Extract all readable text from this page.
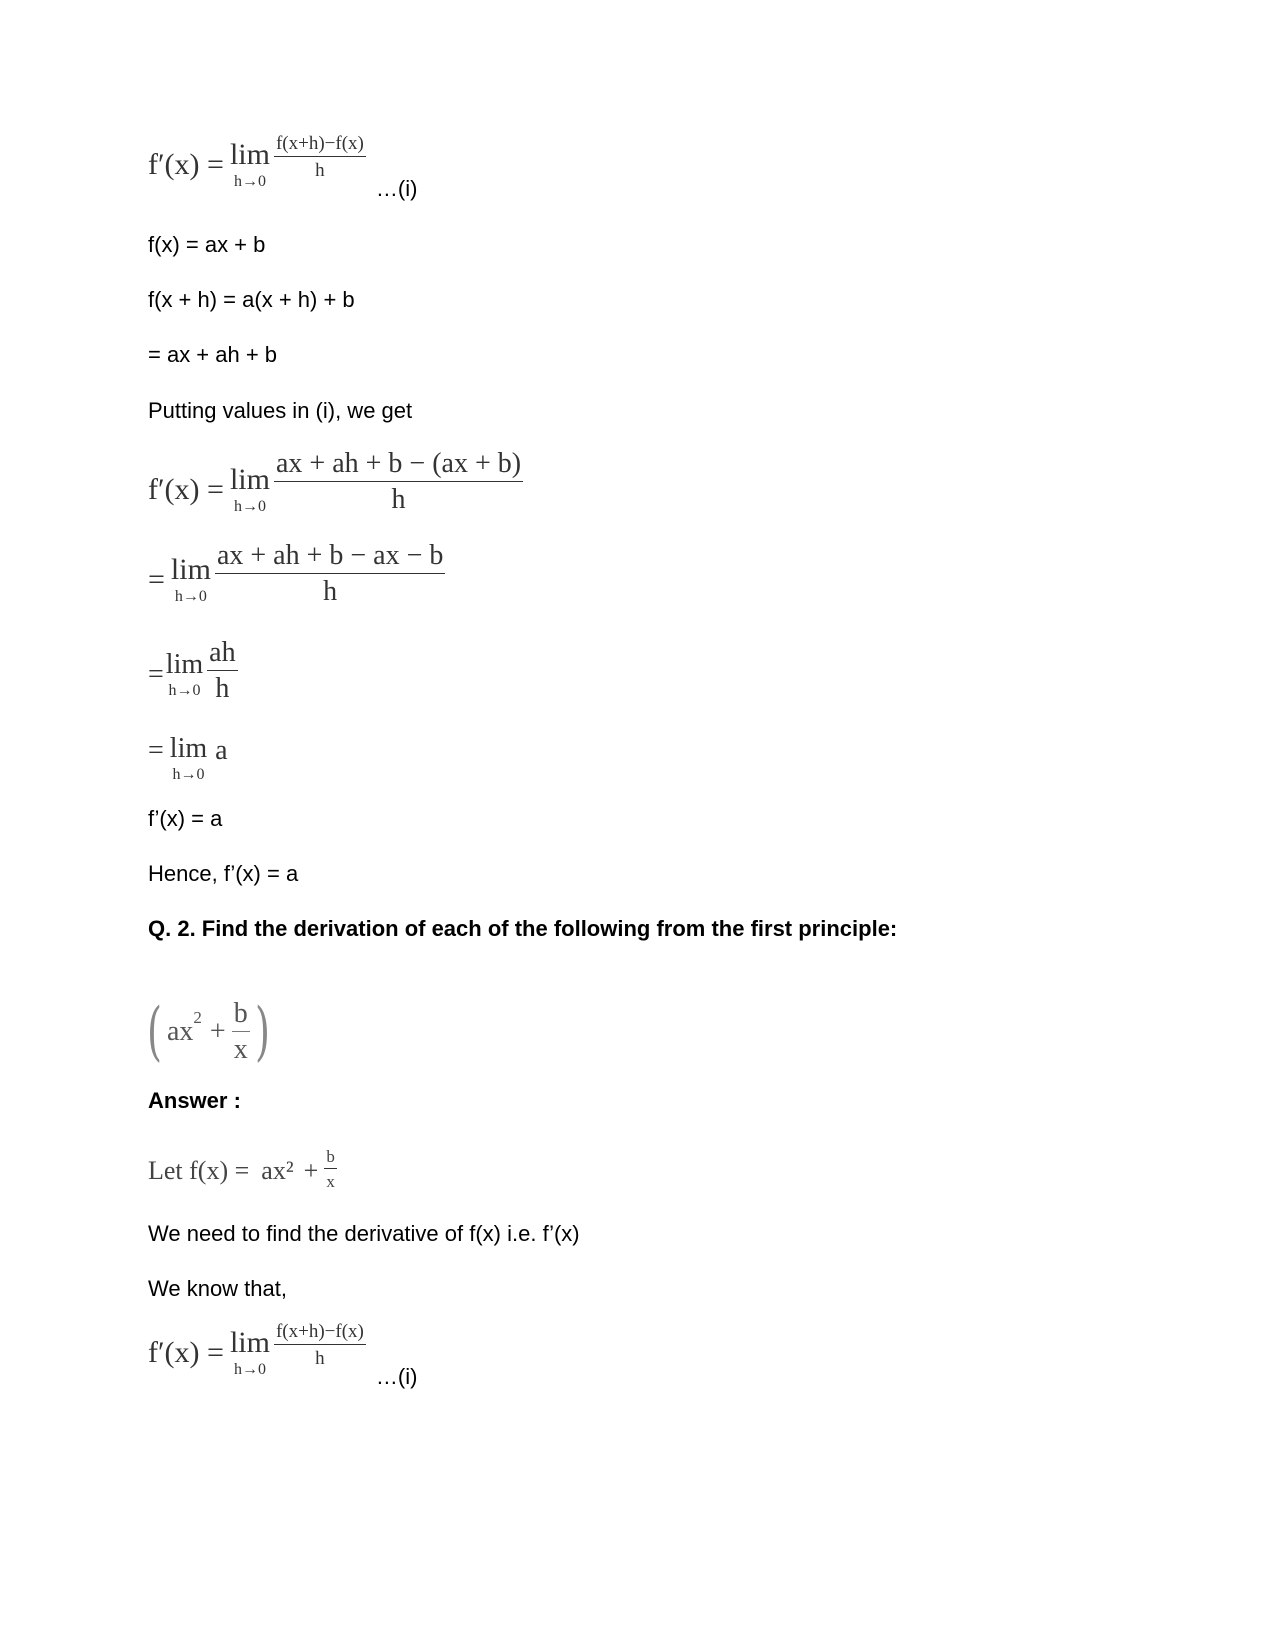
f′(x) = lim
h→0
$\frac{f(x+h)-f(x)}{h}$
…(i)
f(x) = ax + b
f(x + h) = a(x + h) + b
= ax + ah + b
Putting values in (i), we get
f′(x) = lim
$h\to 0 \frac{ax + ah + b - (ax + b)}{h}$
= lim
$h\to 0 \frac{ax + ah + b - ax - b}{h}$
= lim
$h\to 0 \frac{ah}{h}$
= lim
h→0
a
f’(x) = a
Hence, f’(x) = a
Q. 2. Find the derivation of each of the following from the first principle:
( ax $2 + \frac{b}{x}$ )
Answer :
Let $f(x) = ax^2 + \frac{b}{x}$
We need to find the derivative of f(x) i.e. f’(x)
We know that,
f′(x) = lim
h→0
$\frac{f(x+h)-f(x)}{h}$
…(i)
